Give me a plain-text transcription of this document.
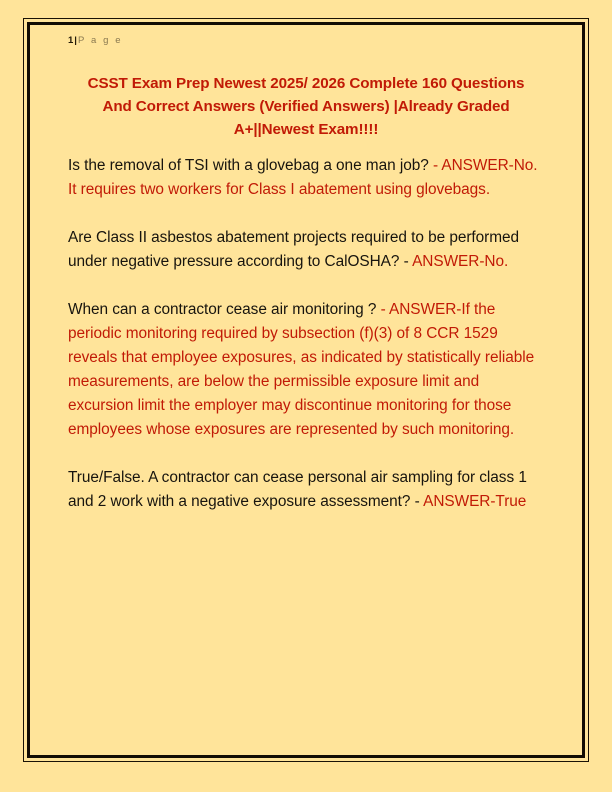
1|P a g e
CSST Exam Prep Newest 2025/ 2026 Complete 160 Questions
And Correct Answers (Verified Answers) |Already Graded
A+||Newest Exam!!!!
Is the removal of TSI with a glovebag a one man job? - ANSWER-No. It requires two workers for Class I abatement using glovebags.
Are Class II asbestos abatement projects required to be performed under negative pressure according to CalOSHA? - ANSWER-No.
When can a contractor cease air monitoring ? - ANSWER-If the periodic monitoring required by subsection (f)(3) of 8 CCR 1529 reveals that employee exposures, as indicated by statistically reliable measurements, are below the permissible exposure limit and excursion limit the employer may discontinue monitoring for those employees whose exposures are represented by such monitoring.
True/False. A contractor can cease personal air sampling for class 1 and 2 work with a negative exposure assessment? - ANSWER-True
